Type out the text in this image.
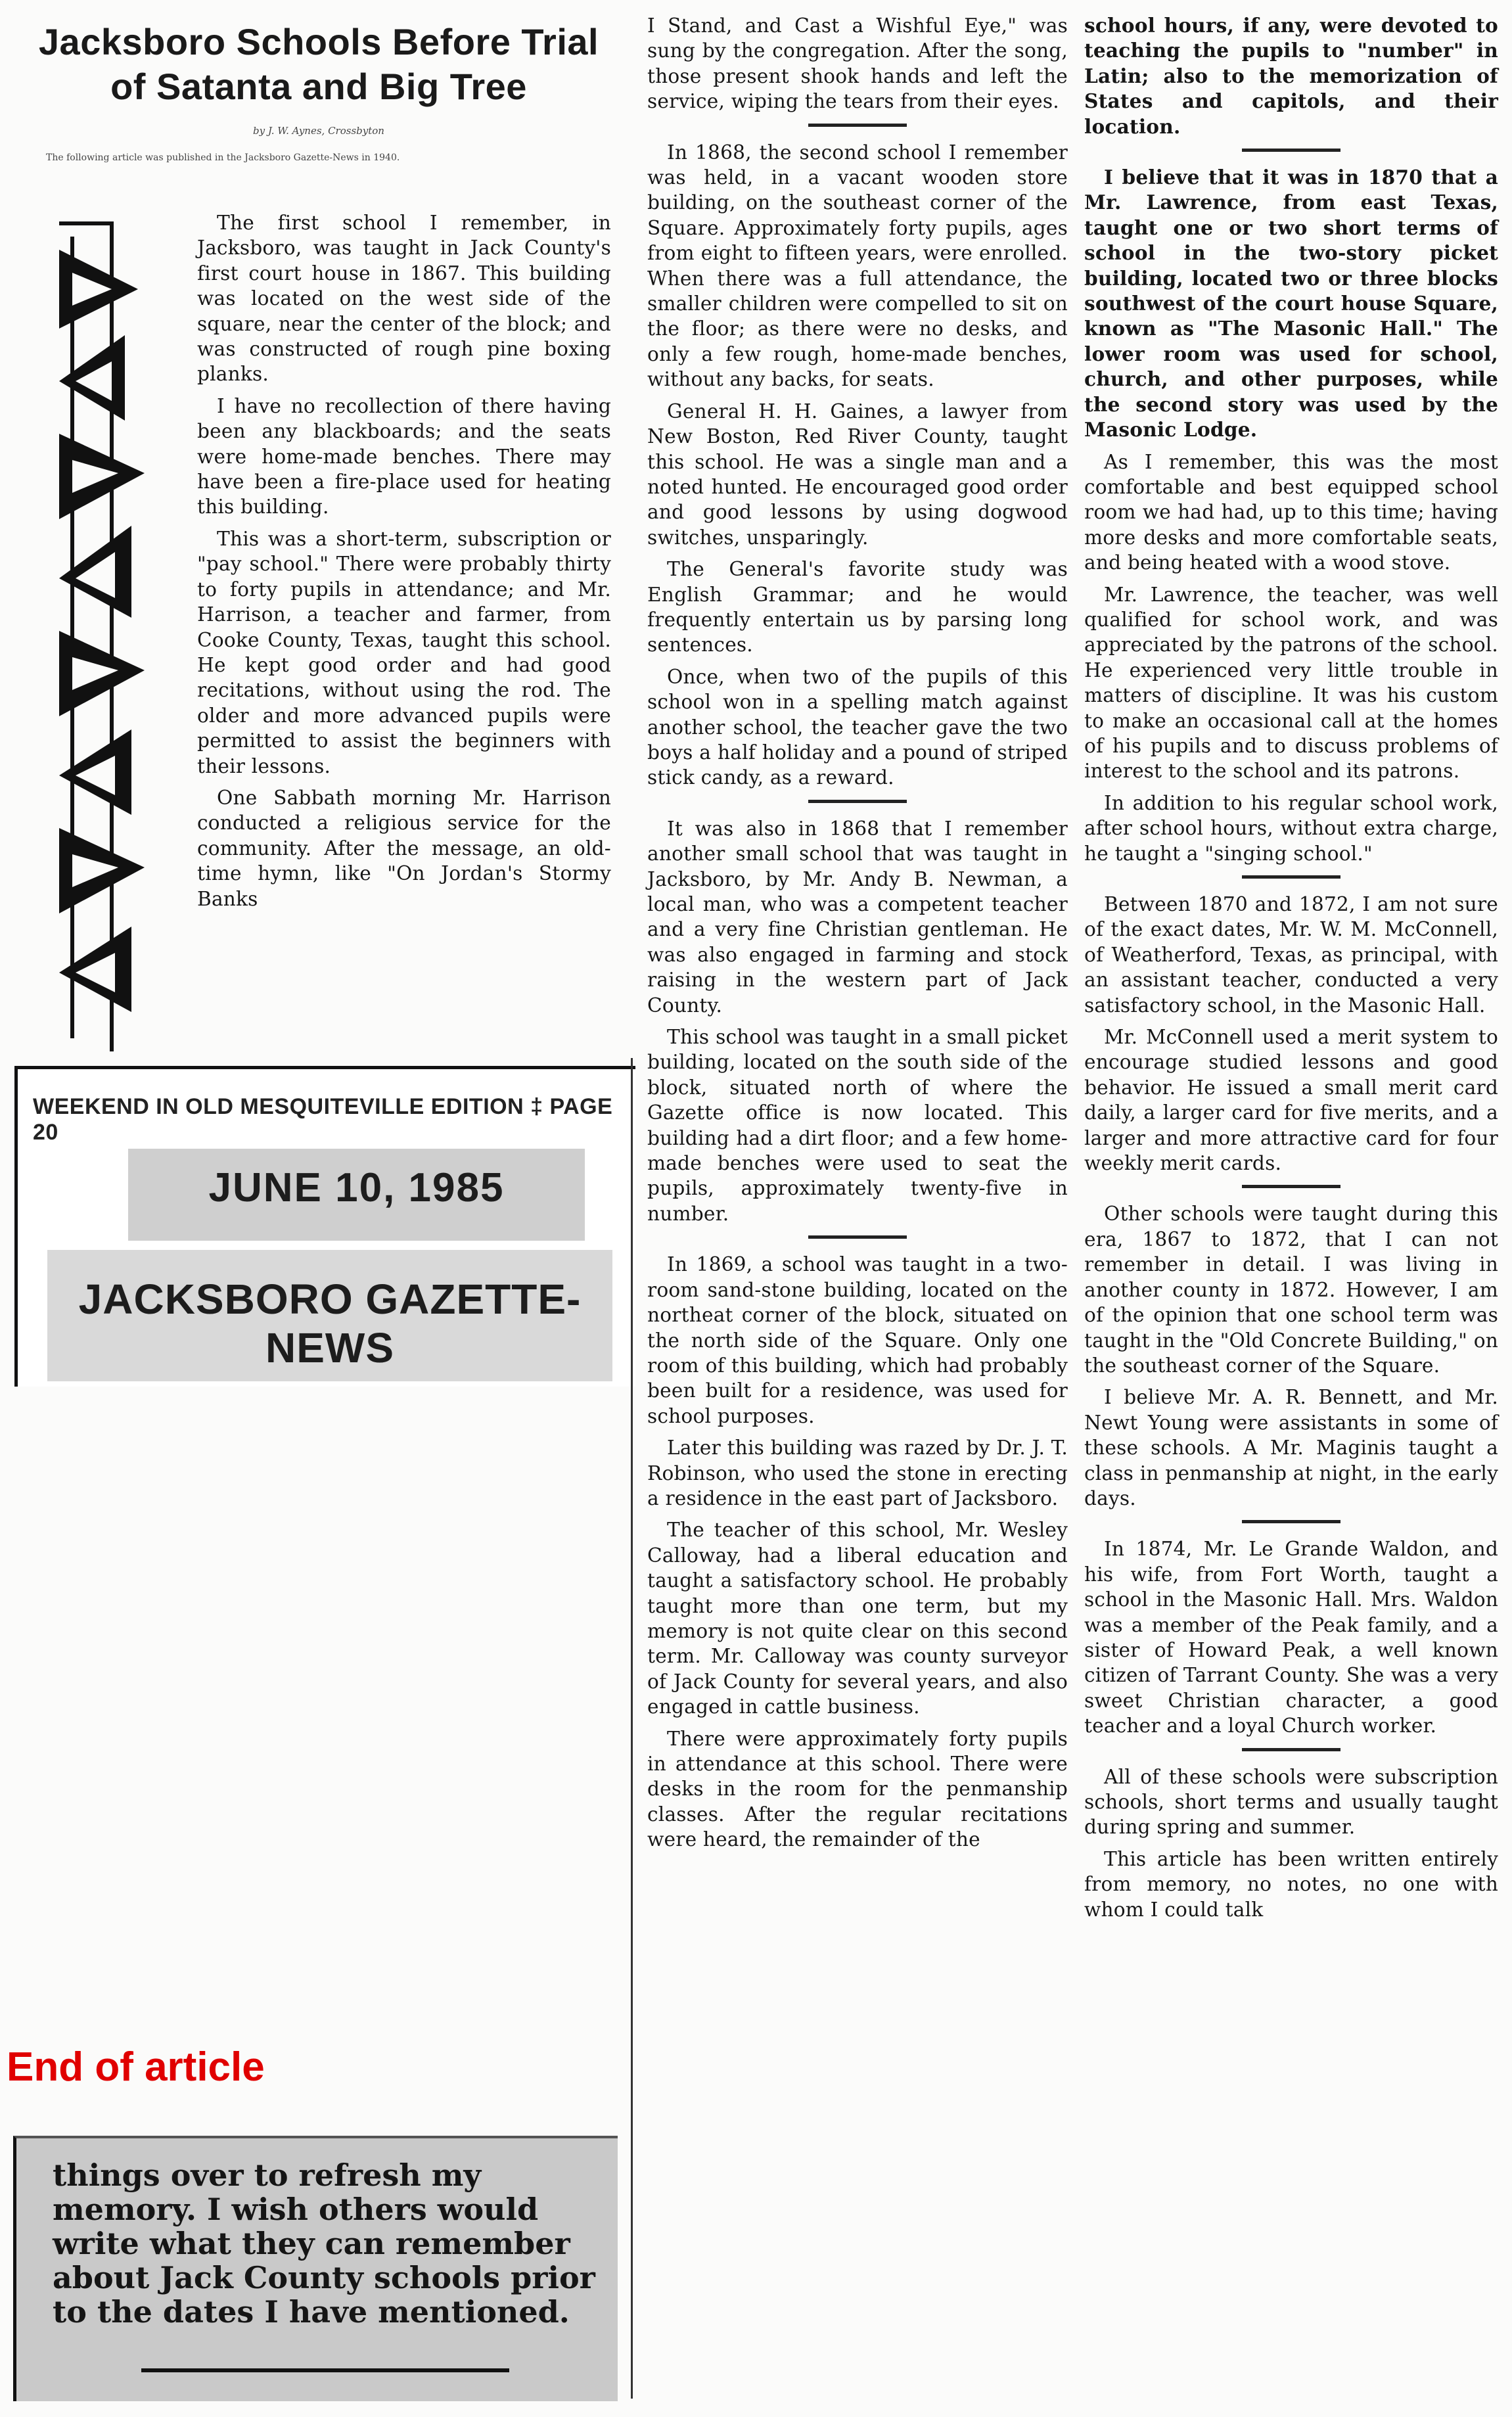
Jacksboro Schools Before Trial of Satanta and Big Tree
by J. W. Aynes, Crossbyton
The following article was published in the Jacksboro Gazette-News in 1940.

The first school I remember, in Jacksboro, was taught in Jack County's first court house in 1867. This building was located on the west side of the square, near the center of the block; and was constructed of rough pine boxing planks.

I have no recollection of there having been any blackboards; and the seats were home-made benches. There may have been a fire-place used for heating this building.

This was a short-term, subscription or "pay school." There were probably thirty to forty pupils in attendance; and Mr. Harrison, a teacher and farmer, from Cooke County, Texas, taught this school. He kept good order and had good recitations, without using the rod. The older and more advanced pupils were permitted to assist the beginners with their lessons.

One Sabbath morning Mr. Harrison conducted a religious service for the community. After the message, an old-time hymn, like "On Jordan's Stormy Banks

WEEKEND IN OLD MESQUITEVILLE EDITION ‡ PAGE 20
JUNE 10, 1985
JACKSBORO GAZETTE-NEWS
End of article
things over to refresh my memory. I wish others would write what they can remember about Jack County schools prior to the dates I have mentioned.

I Stand, and Cast a Wishful Eye," was sung by the congregation. After the song, those present shook hands and left the service, wiping the tears from their eyes.

In 1868, the second school I remember was held, in a vacant wooden store building, on the southeast corner of the Square. Approximately forty pupils, ages from eight to fifteen years, were enrolled. When there was a full attendance, the smaller children were compelled to sit on the floor; as there were no desks, and only a few rough, home-made benches, without any backs, for seats.

General H. H. Gaines, a lawyer from New Boston, Red River County, taught this school. He was a single man and a noted hunted. He encouraged good order and good lessons by using dogwood switches, unsparingly.

The General's favorite study was English Grammar; and he would frequently entertain us by parsing long sentences.

Once, when two of the pupils of this school won in a spelling match against another school, the teacher gave the two boys a half holiday and a pound of striped stick candy, as a reward.

It was also in 1868 that I remember another small school that was taught in Jacksboro, by Mr. Andy B. Newman, a local man, who was a competent teacher and a very fine Christian gentleman. He was also engaged in farming and stock raising in the western part of Jack County.

This school was taught in a small picket building, located on the south side of the block, situated north of where the Gazette office is now located. This building had a dirt floor; and a few home-made benches were used to seat the pupils, approximately twenty-five in number.

In 1869, a school was taught in a two-room sand-stone building, located on the northeat corner of the block, situated on the north side of the Square. Only one room of this building, which had probably been built for a residence, was used for school purposes.

Later this building was razed by Dr. J. T. Robinson, who used the stone in erecting a residence in the east part of Jacksboro.

The teacher of this school, Mr. Wesley Calloway, had a liberal education and taught a satisfactory school. He probably taught more than one term, but my memory is not quite clear on this second term. Mr. Calloway was county surveyor of Jack County for several years, and also engaged in cattle business.

There were approximately forty pupils in attendance at this school. There were desks in the room for the penmanship classes. After the regular recitations were heard, the remainder of the

school hours, if any, were devoted to teaching the pupils to "number" in Latin; also to the memorization of States and capitols, and their location.

I believe that it was in 1870 that a Mr. Lawrence, from east Texas, taught one or two short terms of school in the two-story picket building, located two or three blocks southwest of the court house Square, known as "The Masonic Hall." The lower room was used for school, church, and other purposes, while the second story was used by the Masonic Lodge.

As I remember, this was the most comfortable and best equipped school room we had had, up to this time; having more desks and more comfortable seats, and being heated with a wood stove.

Mr. Lawrence, the teacher, was well qualified for school work, and was appreciated by the patrons of the school. He experienced very little trouble in matters of discipline. It was his custom to make an occasional call at the homes of his pupils and to discuss problems of interest to the school and its patrons.

In addition to his regular school work, after school hours, without extra charge, he taught a "singing school."

Between 1870 and 1872, I am not sure of the exact dates, Mr. W. M. McConnell, of Weatherford, Texas, as principal, with an assistant teacher, conducted a very satisfactory school, in the Masonic Hall.

Mr. McConnell used a merit system to encourage studied lessons and good behavior. He issued a small merit card daily, a larger card for five merits, and a larger and more attractive card for four weekly merit cards.

Other schools were taught during this era, 1867 to 1872, that I can not remember in detail. I was living in another county in 1872. However, I am of the opinion that one school term was taught in the "Old Concrete Building," on the southeast corner of the Square.

I believe Mr. A. R. Bennett, and Mr. Newt Young were assistants in some of these schools. A Mr. Maginis taught a class in penmanship at night, in the early days.

In 1874, Mr. Le Grande Waldon, and his wife, from Fort Worth, taught a school in the Masonic Hall. Mrs. Waldon was a member of the Peak family, and a sister of Howard Peak, a well known citizen of Tarrant County. She was a very sweet Christian character, a good teacher and a loyal Church worker.

All of these schools were subscription schools, short terms and usually taught during spring and summer.

This article has been written entirely from memory, no notes, no one with whom I could talk
